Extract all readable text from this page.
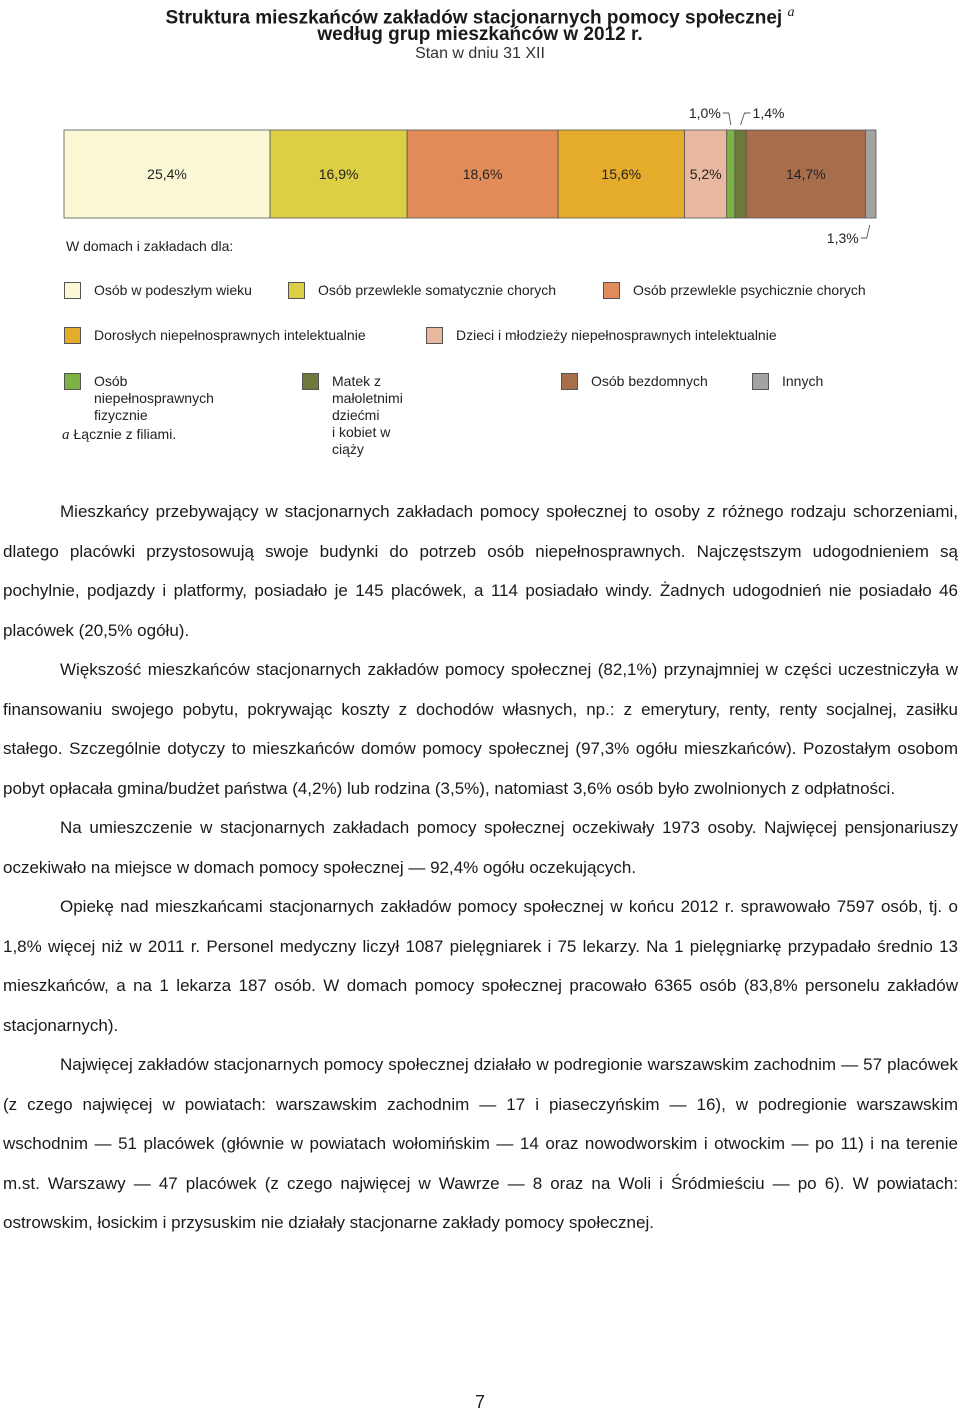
Struktura mieszkańców zakładów stacjonarnych pomocy społecznej $^a$
według grup mieszkańców w 2012 r.
Stan w dniu 31 XII
25,4%	16,9%	18,6%	15,6%	5,2%	14,7%
1,0% 1,4%
1,3%
W domach i zakładach dla:
Osób w podeszłym wieku	Osób przewlekle somatycznie chorych	Osób przewlekle psychicznie chorych
Dorosłych niepełnosprawnych intelektualnie	Dzieci i młodzieży niepełnosprawnych intelektualnie
Osób niepełnosprawnych
fizycznie
Matek z małoletnimi dziećmi
i kobiet w ciąży
Osób bezdomnych	Innych
a Łącznie z filiami.

Mieszkańcy przebywający w stacjonarnych zakładach pomocy społecznej to osoby z różnego rodzaju schorzeniami, dlatego placówki przystosowują swoje budynki do potrzeb osób niepełnosprawnych. Najczęstszym udogodnieniem są pochylnie, podjazdy i platformy, posiadało je 145 placówek, a 114 posiadało windy. Żadnych udogodnień nie posiadało 46 placówek (20,5% ogółu).

Większość mieszkańców stacjonarnych zakładów pomocy społecznej (82,1%) przynajmniej w części uczestniczyła w finansowaniu swojego pobytu, pokrywając koszty z dochodów własnych, np.: z emerytury, renty, renty socjalnej, zasiłku stałego. Szczególnie dotyczy to mieszkańców domów pomocy społecznej (97,3% ogółu mieszkańców). Pozostałym osobom pobyt opłacała gmina/budżet państwa (4,2%) lub rodzina (3,5%), natomiast 3,6% osób było zwolnionych z odpłatności.

Na umieszczenie w stacjonarnych zakładach pomocy społecznej oczekiwały 1973 osoby. Najwięcej pensjonariuszy oczekiwało na miejsce w domach pomocy społecznej — 92,4% ogółu oczekujących.

Opiekę nad mieszkańcami stacjonarnych zakładów pomocy społecznej w końcu 2012 r. sprawowało 7597 osób, tj. o 1,8% więcej niż w 2011 r. Personel medyczny liczył 1087 pielęgniarek i 75 lekarzy. Na 1 pielęgniarkę przypadało średnio 13 mieszkańców, a na 1 lekarza 187 osób. W domach pomocy społecznej pracowało 6365 osób (83,8% personelu zakładów stacjonarnych).

Najwięcej zakładów stacjonarnych pomocy społecznej działało w podregionie warszawskim zachodnim — 57 placówek (z czego najwięcej w powiatach: warszawskim zachodnim — 17 i piaseczyńskim — 16), w podregionie warszawskim wschodnim — 51 placówek (głównie w powiatach wołomińskim — 14 oraz nowodworskim i otwockim — po 11) i na terenie m.st. Warszawy — 47 placówek (z czego najwięcej w Wawrze — 8 oraz na Woli i Śródmieściu — po 6). W powiatach: ostrowskim, łosickim i przysuskim nie działały stacjonarne zakłady pomocy społecznej.

7
